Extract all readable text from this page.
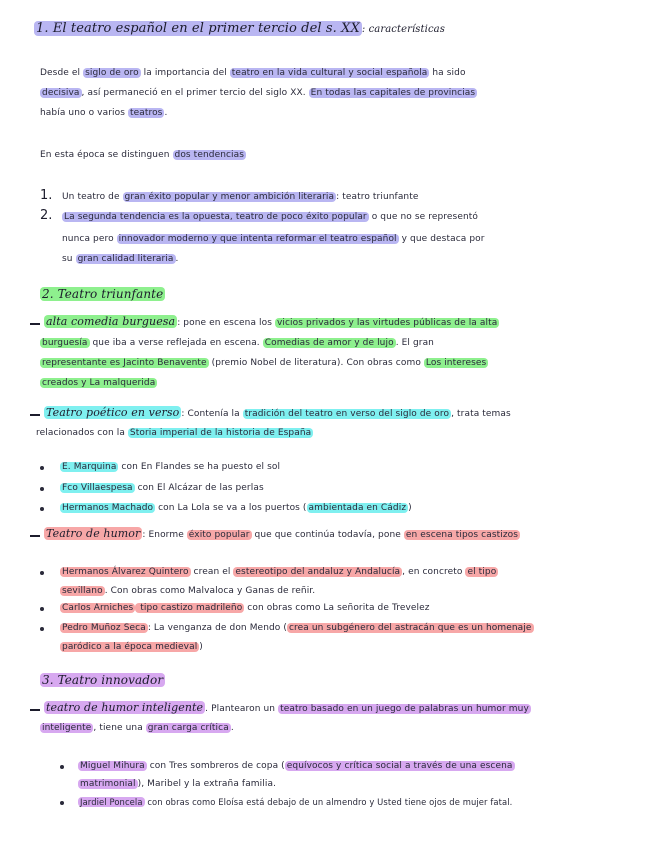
1. El teatro español en el primer tercio del s. XX : características
Desde el siglo de oro la importancia del teatro en la vida cultural y social española ha sido
decisiva , así permaneció en el primer tercio del siglo XX. En todas las capitales de provincias
había uno o varios teatros .
En esta época se distinguen dos tendencias
1. Un teatro de gran éxito popular y menor ambición literaria : teatro triunfante
2. La segunda tendencia es la opuesta, teatro de poco éxito popular o que no se representó
nunca pero innovador moderno y que intenta reformar el teatro español y que destaca por
su gran calidad literaria .
2. Teatro triunfante
alta comedia burguesa : pone en escena los vicios privados y las virtudes públicas de la alta
burguesía que iba a verse reflejada en escena. Comedias de amor y de lujo . El gran
representante es Jacinto Benavente (premio Nobel de literatura). Con obras como Los intereses
creados y La malquerida
Teatro poético en verso : Contenía la tradición del teatro en verso del siglo de oro , trata temas
relacionados con la Storia imperial de la historia de España
E. Marquina con En Flandes se ha puesto el sol
Fco Villaespesa con El Alcázar de las perlas
Hermanos Machado con La Lola se va a los puertos ( ambientada en Cádiz )
Teatro de humor : Enorme éxito popular que que continúa todavía, pone en escena tipos castizos
Hermanos Álvarez Quintero crean el estereotipo del andaluz y Andalucía , en concreto el tipo
sevillano . Con obras como Malvaloca y Ganas de reñir.
Carlos Arniches tipo castizo madrileño con obras como La señorita de Trevelez
Pedro Muñoz Seca : La venganza de don Mendo ( crea un subgénero del astracán que es un homenaje
paródico a la época medieval )
3. Teatro innovador
teatro de humor inteligente . Plantearon un teatro basado en un juego de palabras un humor muy
inteligente , tiene una gran carga crítica .
Miguel Mihura con Tres sombreros de copa ( equívocos y crítica social a través de una escena
matrimonial ), Maribel y la extraña familia.
Jardiel Poncela con obras como Eloísa está debajo de un almendro y Usted tiene ojos de mujer fatal.
